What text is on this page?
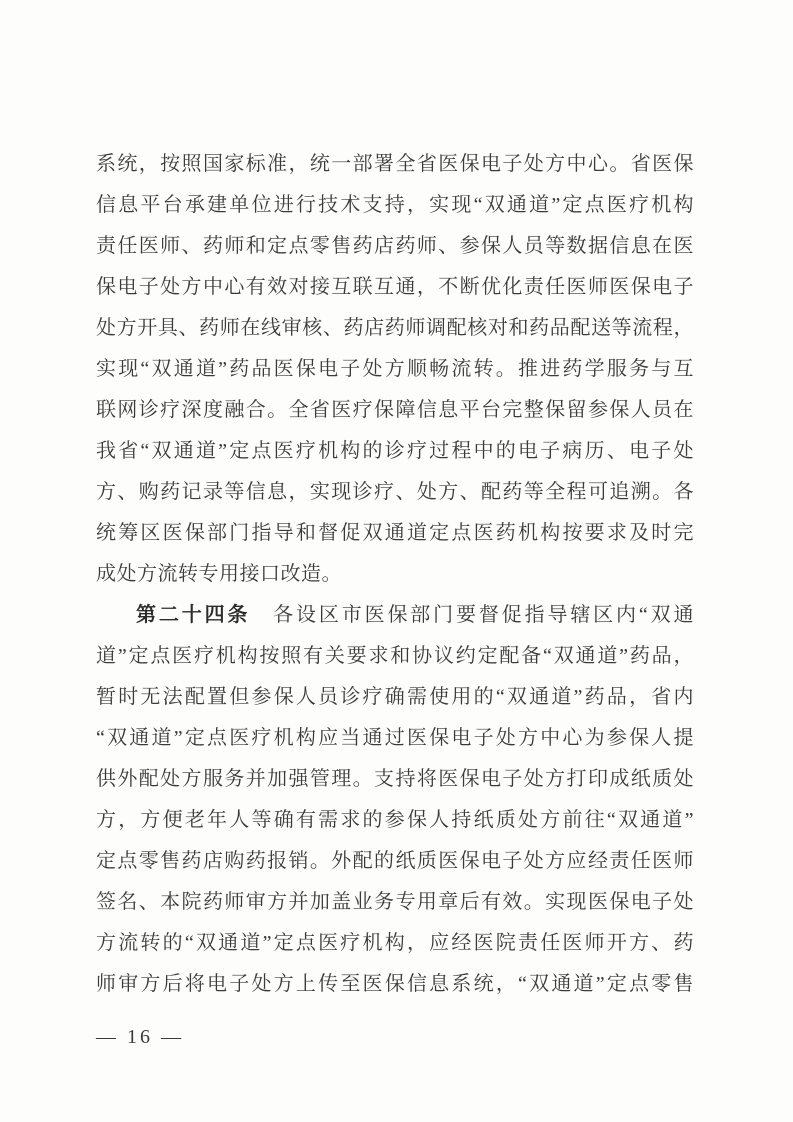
系统，按照国家标准，统一部署全省医保电子处方中心。省医保
信息平台承建单位进行技术支持，实现“双通道”定点医疗机构
责任医师、药师和定点零售药店药师、参保人员等数据信息在医
保电子处方中心有效对接互联互通，不断优化责任医师医保电子
处方开具、药师在线审核、药店药师调配核对和药品配送等流程，
实现“双通道”药品医保电子处方顺畅流转。推进药学服务与互
联网诊疗深度融合。全省医疗保障信息平台完整保留参保人员在
我省“双通道”定点医疗机构的诊疗过程中的电子病历、电子处
方、购药记录等信息，实现诊疗、处方、配药等全程可追溯。各
统筹区医保部门指导和督促双通道定点医药机构按要求及时完
成处方流转专用接口改造。
第二十四条　各设区市医保部门要督促指导辖区内“双通
道”定点医疗机构按照有关要求和协议约定配备“双通道”药品，
暂时无法配置但参保人员诊疗确需使用的“双通道”药品，省内
“双通道”定点医疗机构应当通过医保电子处方中心为参保人提
供外配处方服务并加强管理。支持将医保电子处方打印成纸质处
方，方便老年人等确有需求的参保人持纸质处方前往“双通道”
定点零售药店购药报销。外配的纸质医保电子处方应经责任医师
签名、本院药师审方并加盖业务专用章后有效。实现医保电子处
方流转的“双通道”定点医疗机构，应经医院责任医师开方、药
师审方后将电子处方上传至医保信息系统，“双通道”定点零售
— 16 —
